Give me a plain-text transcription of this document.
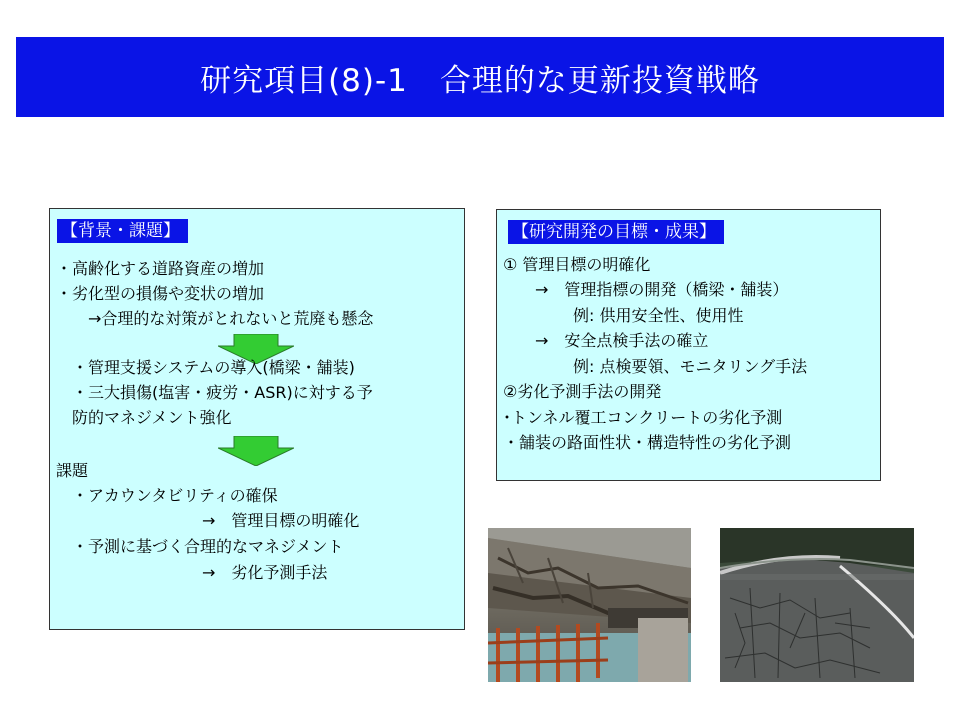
研究項目(8)-1　合理的な更新投資戦略
【背景・課題】
・高齢化する道路資産の増加
・劣化型の損傷や変状の増加
→合理的な対策がとれないと荒廃も懸念
・管理支援システムの導入(橋梁・舗装)
・三大損傷(塩害・疲労・ASR)に対する予
防的マネジメント強化
課題
・アカウンタビリティの確保
→　管理目標の明確化
・予測に基づく合理的なマネジメント
→　劣化予測手法
【研究開発の目標・成果】
① 管理目標の明確化
→　管理指標の開発（橋梁・舗装）
例: 供用安全性、使用性
→　安全点検手法の確立
例: 点検要領、モニタリング手法
②劣化予測手法の開発
･トンネル覆工コンクリートの劣化予測
・舗装の路面性状・構造特性の劣化予測
